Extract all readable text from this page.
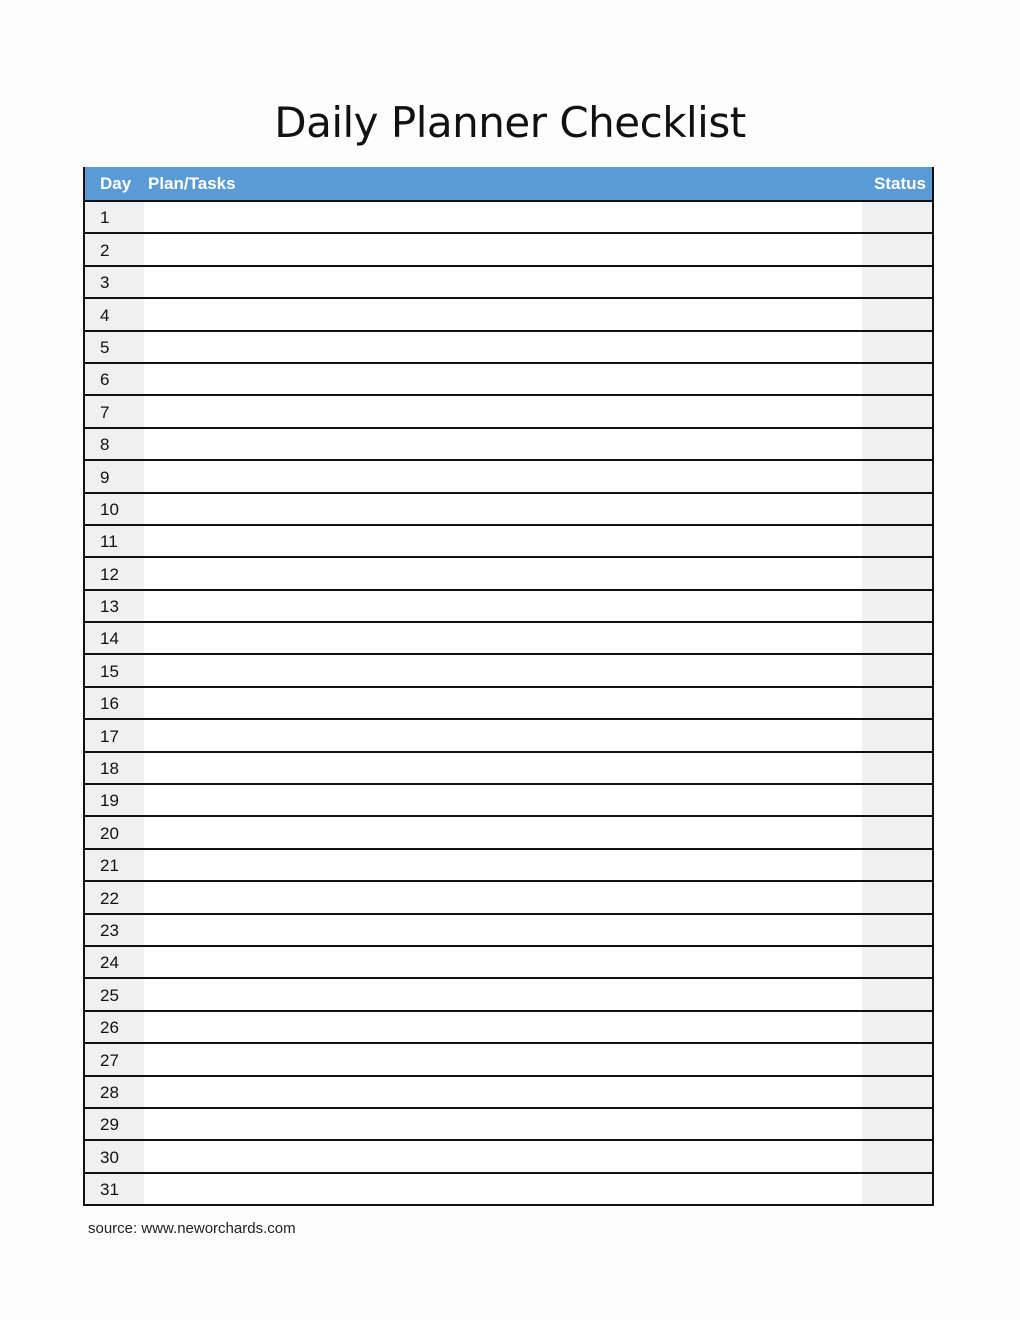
Daily Planner Checklist
Day Plan/Tasks	Status
1
2
3
4
5
6
7
8
9
10
11
12
13
14
15
16
17
18
19
20
21
22
23
24
25
26
27
28
29
30
31
source: www.neworchards.com
